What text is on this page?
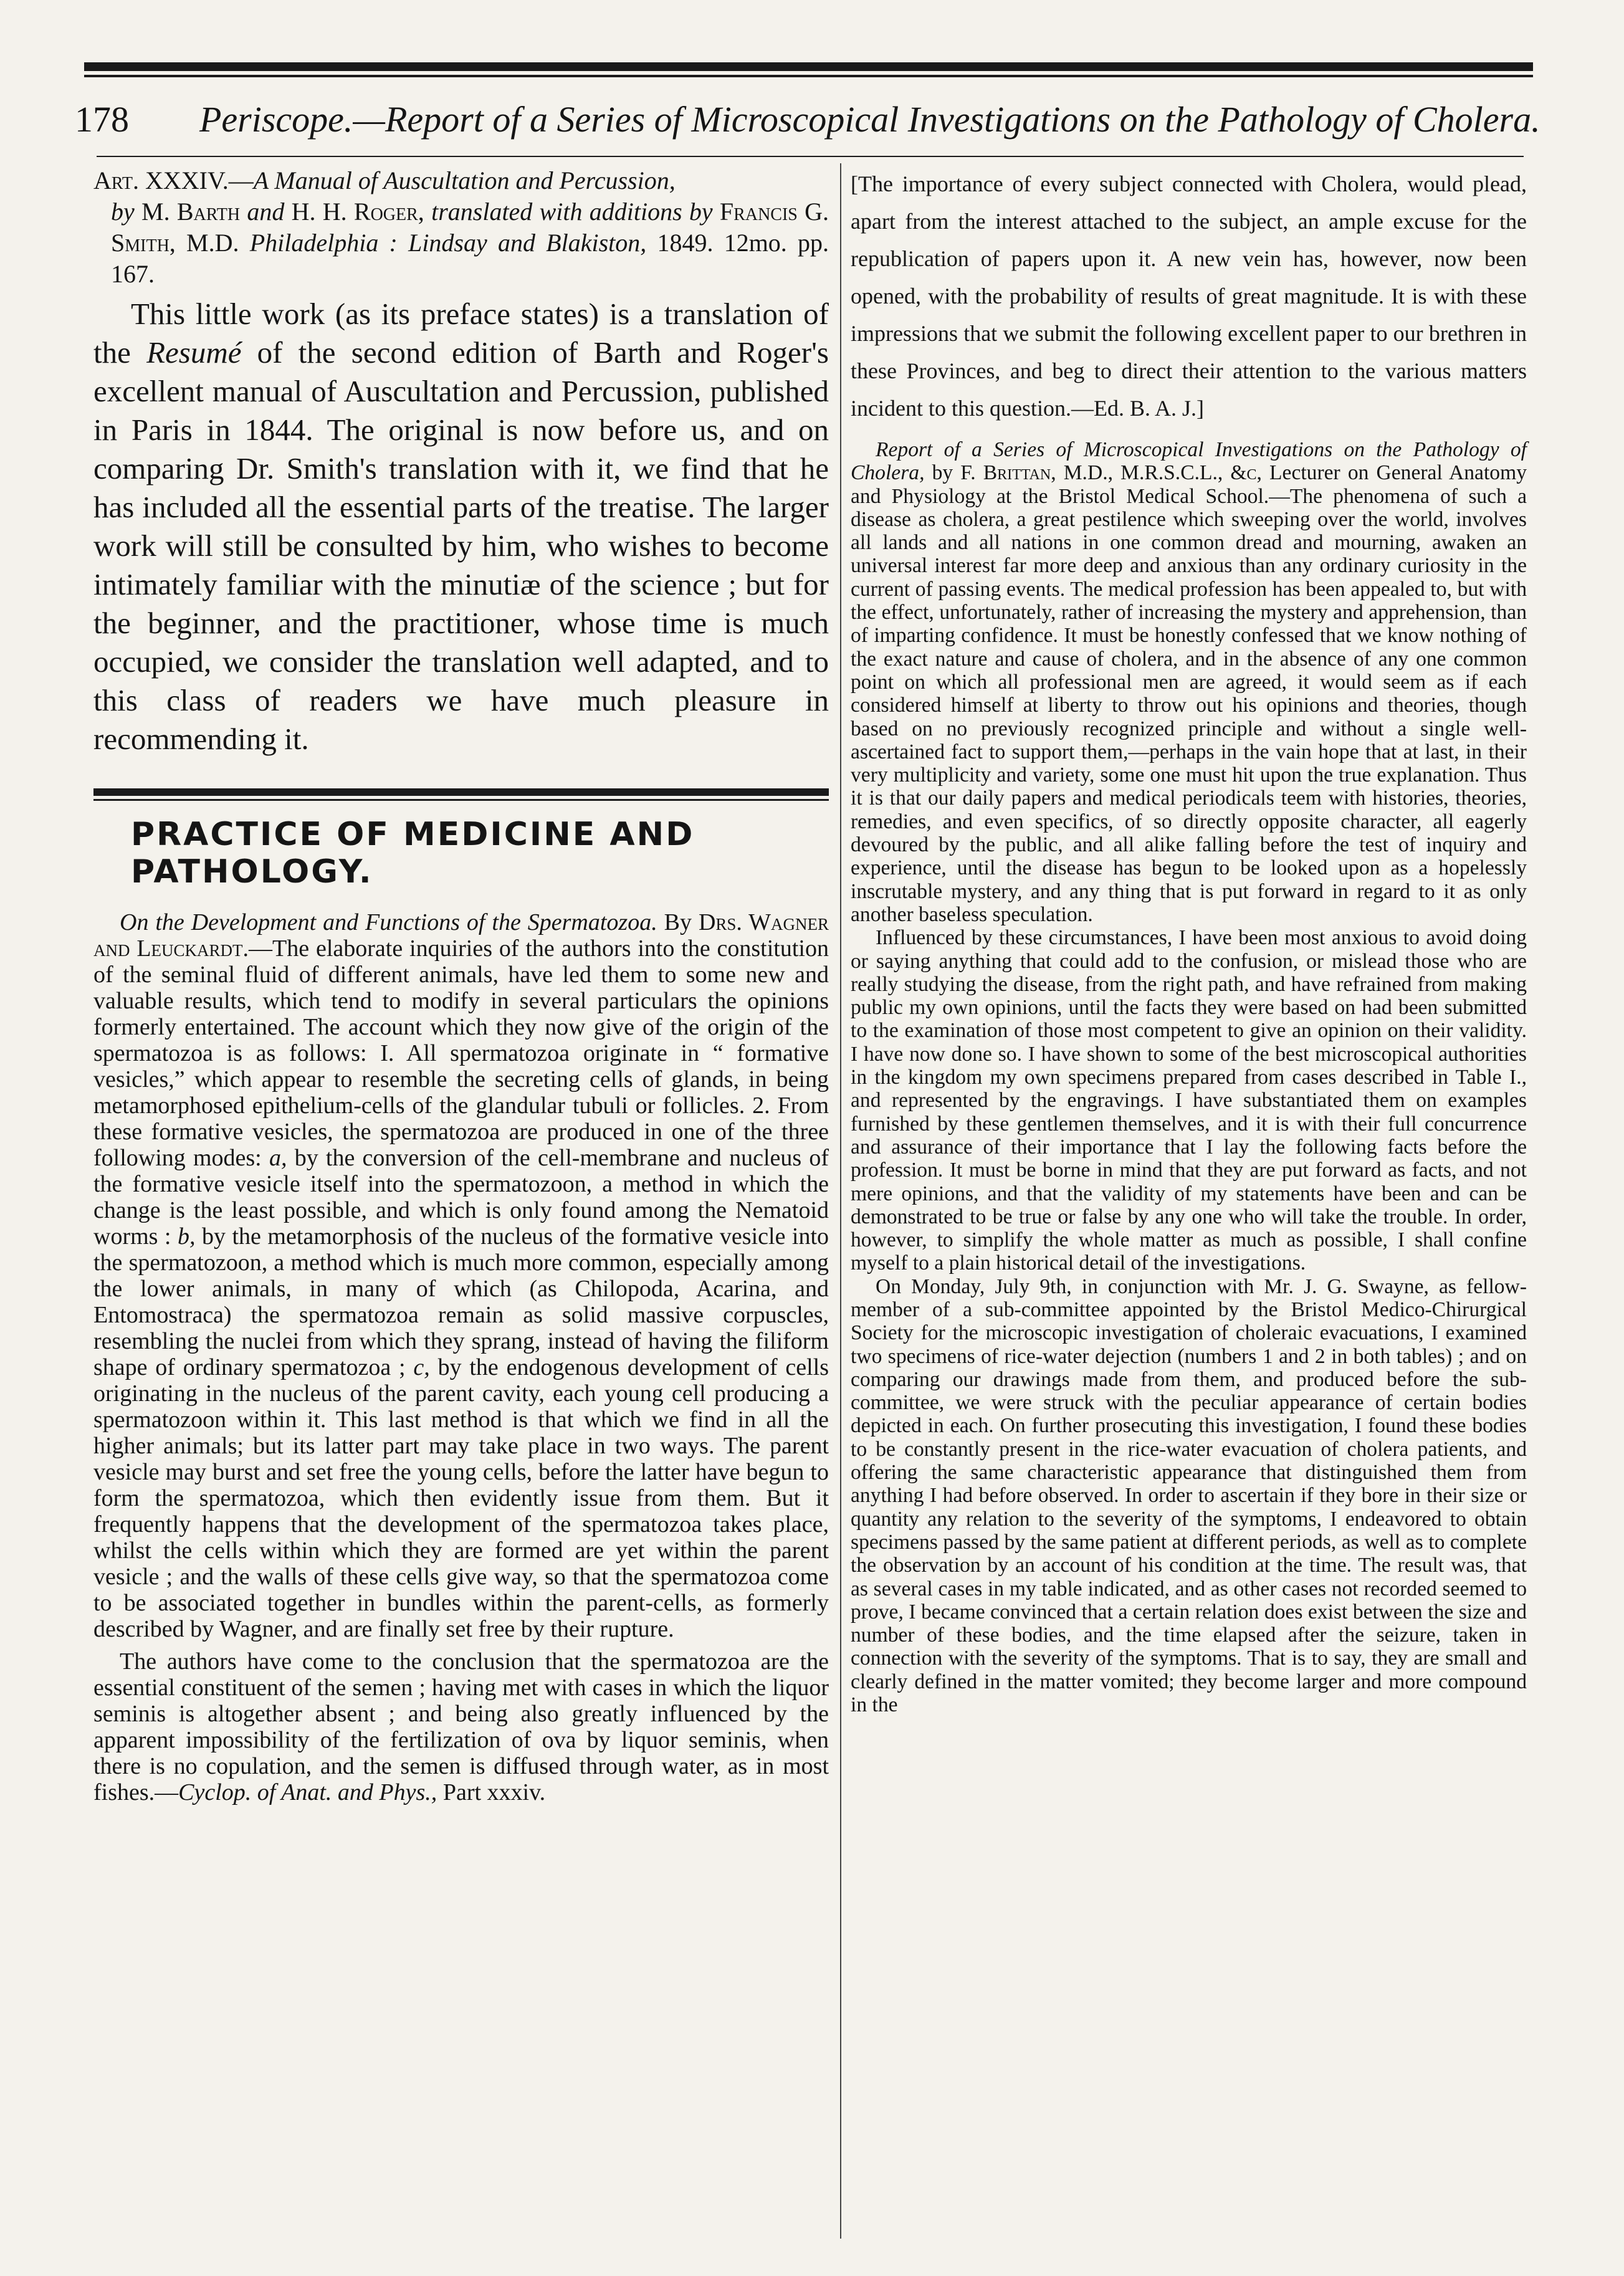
178 Periscope.—Report of a Series of Microscopical Investigations on the Pathology of Cholera.

Art. XXXIV.—A Manual of Auscultation and Percussion,
by M. Barth and H. H. Roger, translated with additions by Francis G. Smith, M.D. Philadelphia : Lindsay and Blakiston, 1849. 12mo. pp. 167.

This little work (as its preface states) is a translation of the Resumé of the second edition of Barth and Roger's excellent manual of Auscultation and Percussion, published in Paris in 1844. The original is now before us, and on comparing Dr. Smith's translation with it, we find that he has included all the essential parts of the treatise. The larger work will still be consulted by him, who wishes to become intimately familiar with the minutiæ of the science ; but for the beginner, and the practitioner, whose time is much occupied, we consider the translation well adapted, and to this class of readers we have much pleasure in recommending it.

PRACTICE OF MEDICINE AND PATHOLOGY.

On the Development and Functions of the Spermatozoa. By Drs. Wagner and Leuckardt.—The elaborate inquiries of the authors into the constitution of the seminal fluid of different animals, have led them to some new and valuable results, which tend to modify in several particulars the opinions formerly entertained. The account which they now give of the origin of the spermatozoa is as follows: I. All spermatozoa originate in “ formative vesicles,” which appear to resemble the secreting cells of glands, in being metamorphosed epithelium-cells of the glandular tubuli or follicles. 2. From these formative vesicles, the spermatozoa are produced in one of the three following modes: a, by the conversion of the cell-membrane and nucleus of the formative vesicle itself into the spermatozoon, a method in which the change is the least possible, and which is only found among the Nematoid worms : b, by the metamorphosis of the nucleus of the formative vesicle into the spermatozoon, a method which is much more common, especially among the lower animals, in many of which (as Chilopoda, Acarina, and Entomostraca) the spermatozoa remain as solid massive corpuscles, resembling the nuclei from which they sprang, instead of having the filiform shape of ordinary spermatozoa ; c, by the endogenous development of cells originating in the nucleus of the parent cavity, each young cell producing a spermatozoon within it. This last method is that which we find in all the higher animals; but its latter part may take place in two ways. The parent vesicle may burst and set free the young cells, before the latter have begun to form the spermatozoa, which then evidently issue from them. But it frequently happens that the development of the spermatozoa takes place, whilst the cells within which they are formed are yet within the parent vesicle ; and the walls of these cells give way, so that the spermatozoa come to be associated together in bundles within the parent-cells, as formerly described by Wagner, and are finally set free by their rupture.

The authors have come to the conclusion that the spermatozoa are the essential constituent of the semen ; having met with cases in which the liquor seminis is altogether absent ; and being also greatly influenced by the apparent impossibility of the fertilization of ova by liquor seminis, when there is no copulation, and the semen is diffused through water, as in most fishes.—Cyclop. of Anat. and Phys., Part xxxiv.

[The importance of every subject connected with Cholera, would plead, apart from the interest attached to the subject, an ample excuse for the republication of papers upon it. A new vein has, however, now been opened, with the probability of results of great magnitude. It is with these impressions that we submit the following excellent paper to our brethren in these Provinces, and beg to direct their attention to the various matters incident to this question.—Ed. B. A. J.]

Report of a Series of Microscopical Investigations on the Pathology of Cholera, by F. Brittan, M.D., M.R.S.C.L., &c, Lecturer on General Anatomy and Physiology at the Bristol Medical School.—The phenomena of such a disease as cholera, a great pestilence which sweeping over the world, involves all lands and all nations in one common dread and mourning, awaken an universal interest far more deep and anxious than any ordinary curiosity in the current of passing events. The medical profession has been appealed to, but with the effect, unfortunately, rather of increasing the mystery and apprehension, than of imparting confidence. It must be honestly confessed that we know nothing of the exact nature and cause of cholera, and in the absence of any one common point on which all professional men are agreed, it would seem as if each considered himself at liberty to throw out his opinions and theories, though based on no previously recognized principle and without a single well-ascertained fact to support them,—perhaps in the vain hope that at last, in their very multiplicity and variety, some one must hit upon the true explanation. Thus it is that our daily papers and medical periodicals teem with histories, theories, remedies, and even specifics, of so directly opposite character, all eagerly devoured by the public, and all alike falling before the test of inquiry and experience, until the disease has begun to be looked upon as a hopelessly inscrutable mystery, and any thing that is put forward in regard to it as only another baseless speculation.

Influenced by these circumstances, I have been most anxious to avoid doing or saying anything that could add to the confusion, or mislead those who are really studying the disease, from the right path, and have refrained from making public my own opinions, until the facts they were based on had been submitted to the examination of those most competent to give an opinion on their validity. I have now done so. I have shown to some of the best microscopical authorities in the kingdom my own specimens prepared from cases described in Table I., and represented by the engravings. I have substantiated them on examples furnished by these gentlemen themselves, and it is with their full concurrence and assurance of their importance that I lay the following facts before the profession. It must be borne in mind that they are put forward as facts, and not mere opinions, and that the validity of my statements have been and can be demonstrated to be true or false by any one who will take the trouble. In order, however, to simplify the whole matter as much as possible, I shall confine myself to a plain historical detail of the investigations.

On Monday, July 9th, in conjunction with Mr. J. G. Swayne, as fellow-member of a sub-committee appointed by the Bristol Medico-Chirurgical Society for the microscopic investigation of choleraic evacuations, I examined two specimens of rice-water dejection (numbers 1 and 2 in both tables) ; and on comparing our drawings made from them, and produced before the sub-committee, we were struck with the peculiar appearance of certain bodies depicted in each. On further prosecuting this investigation, I found these bodies to be constantly present in the rice-water evacuation of cholera patients, and offering the same characteristic appearance that distinguished them from anything I had before observed. In order to ascertain if they bore in their size or quantity any relation to the severity of the symptoms, I endeavored to obtain specimens passed by the same patient at different periods, as well as to complete the observation by an account of his condition at the time. The result was, that as several cases in my table indicated, and as other cases not recorded seemed to prove, I became convinced that a certain relation does exist between the size and number of these bodies, and the time elapsed after the seizure, taken in connection with the severity of the symptoms. That is to say, they are small and clearly defined in the matter vomited; they become larger and more compound in the
